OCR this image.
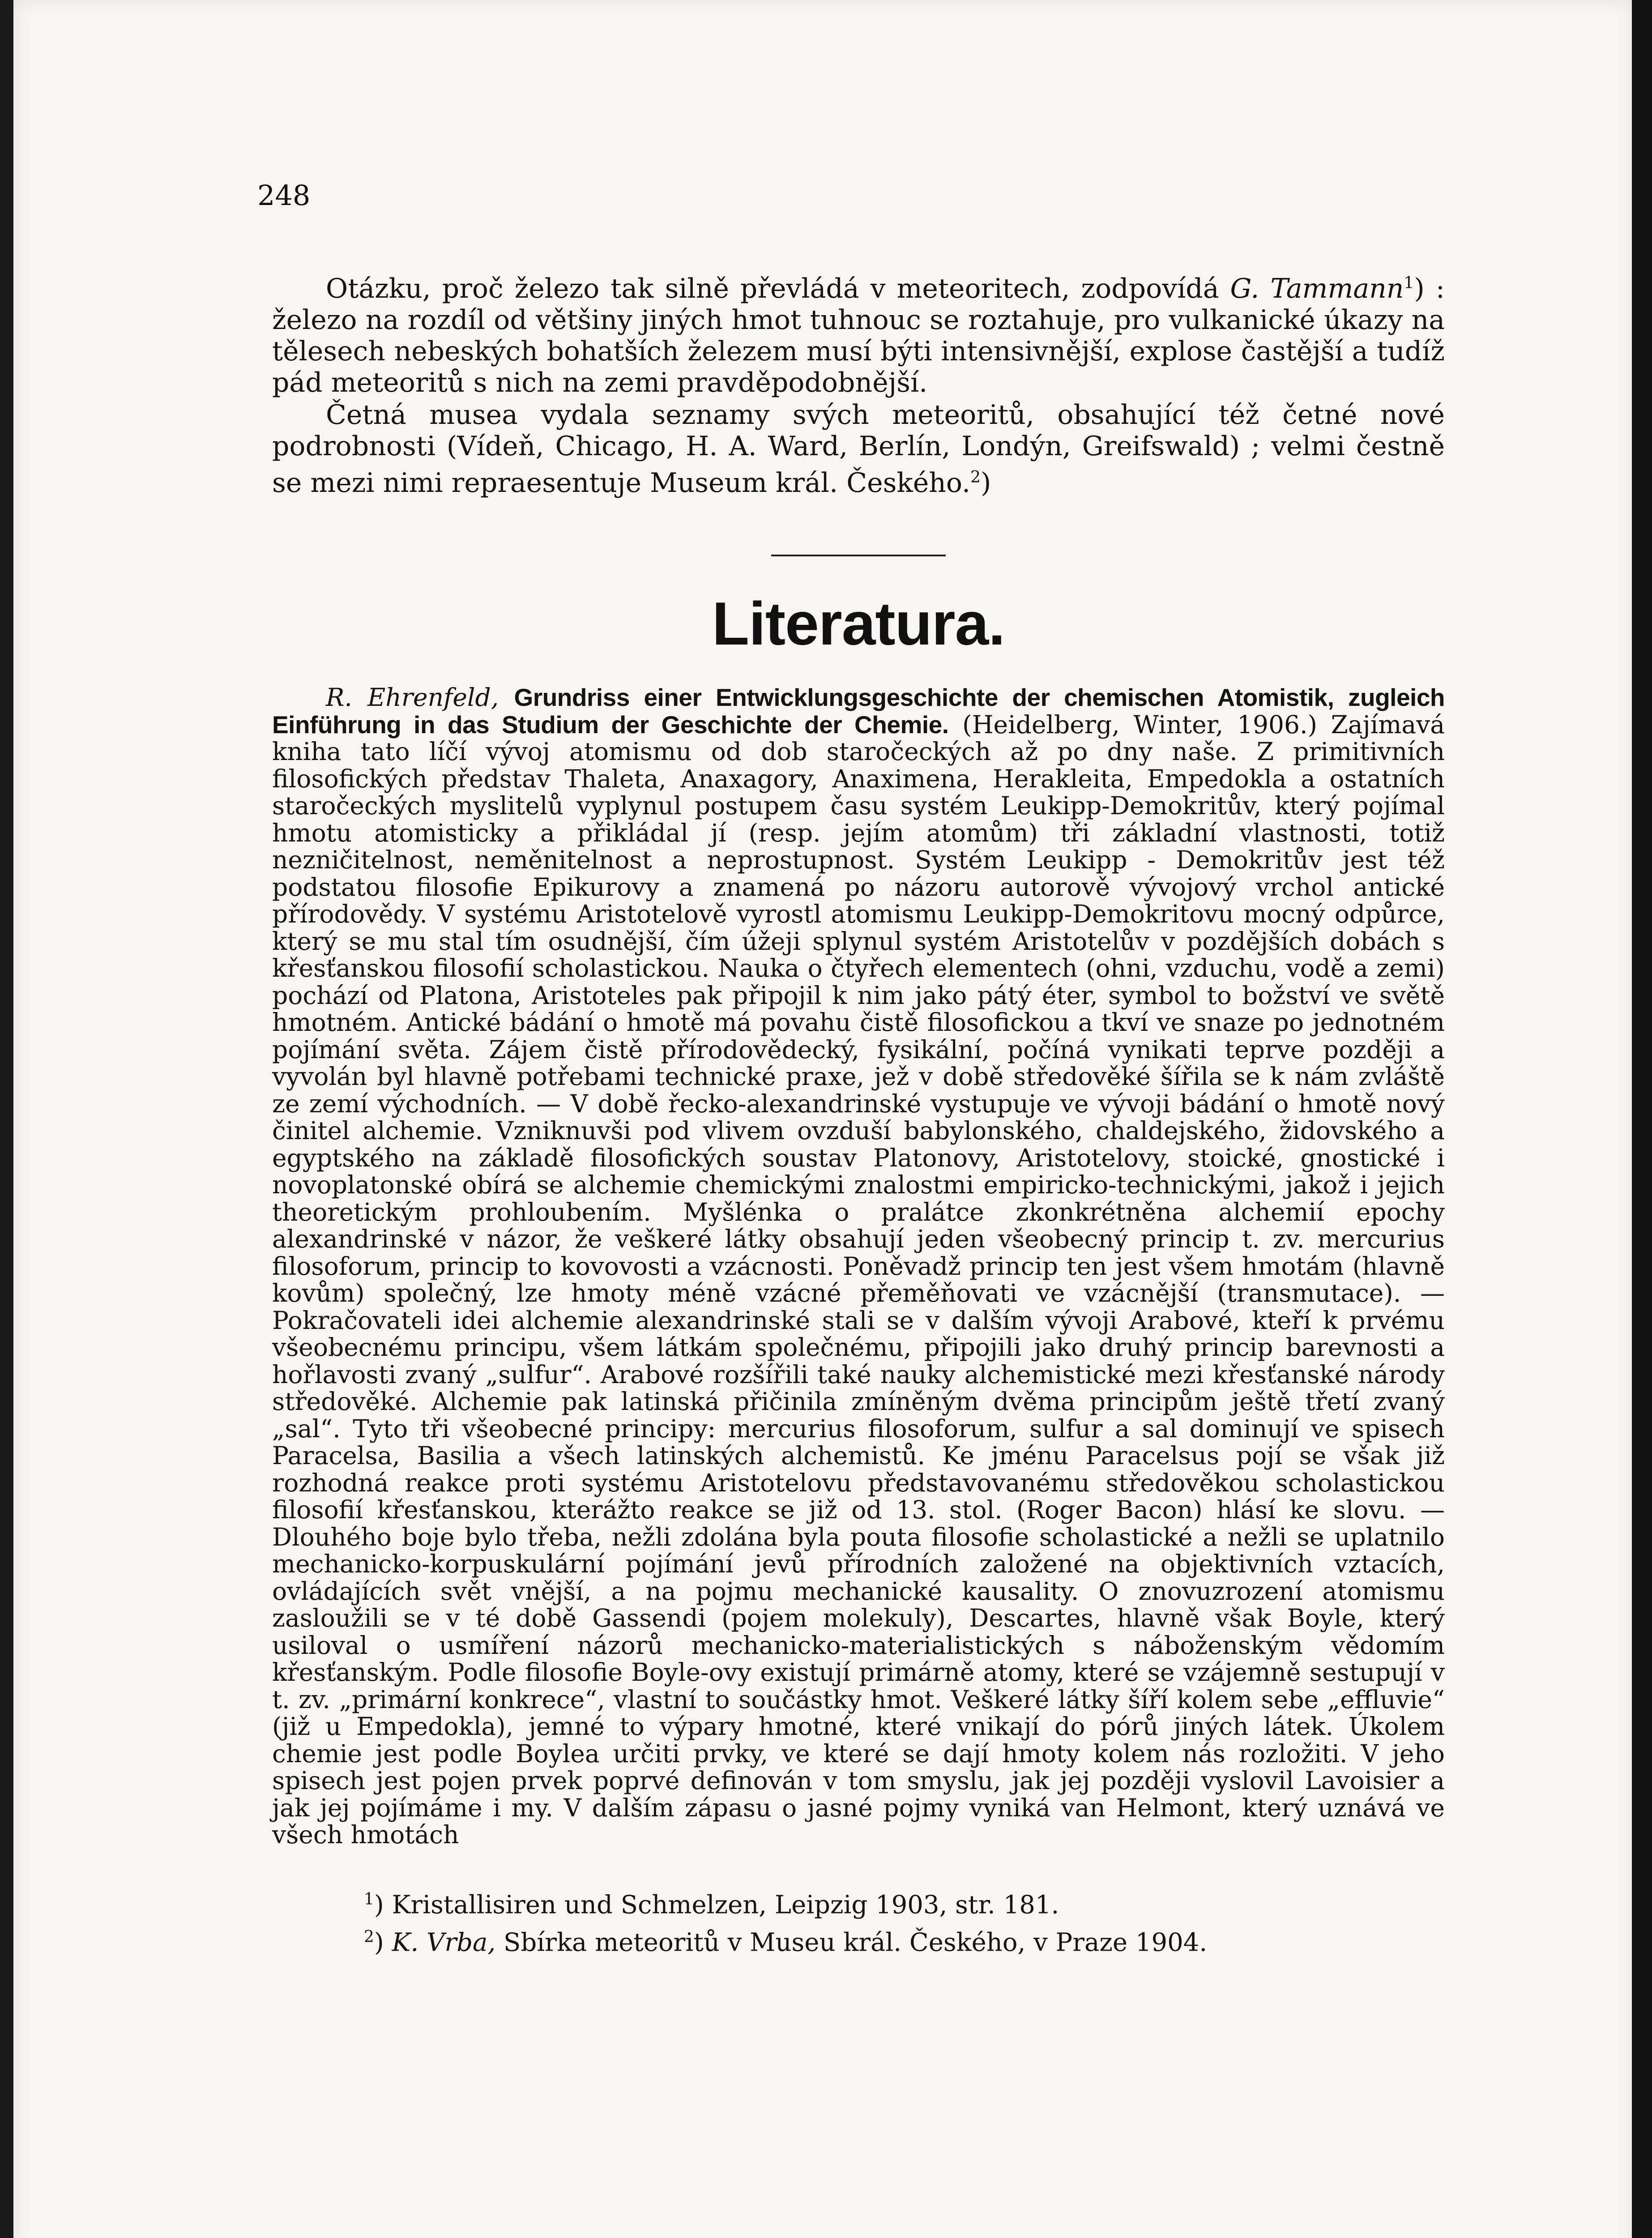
248

Otázku, proč železo tak silně převládá v meteoritech, zodpovídá G. Tammann$^1$) : železo na rozdíl od většiny jiných hmot tuhnouc se roztahuje, pro vulkanické úkazy na tělesech nebeských bohatších železem musí býti intensivnější, explose častější a tudíž pád meteoritů s nich na zemi pravděpodobnější.

Četná musea vydala seznamy svých meteoritů, obsahující též četné nové podrobnosti (Vídeň, Chicago, H. A. Ward, Berlín, Londýn, Greifswald) ; velmi čestně se mezi nimi repraesentuje Museum král. Českého.$^2$)

Literatura.

R. Ehrenfeld, Grundriss einer Entwicklungsgeschichte der chemischen Atomistik, zugleich Einführung in das Studium der Geschichte der Chemie. (Heidelberg, Winter, 1906.) Zajímavá kniha tato líčí vývoj atomismu od dob staročeckých až po dny naše. Z primitivních filosofických představ Thaleta, Anaxagory, Anaximena, Herakleita, Empedokla a ostatních staročeckých myslitelů vyplynul postupem času systém Leukipp-Demokritův, který pojímal hmotu atomisticky a přikládal jí (resp. jejím atomům) tři základní vlastnosti, totiž nezničitelnost, neměnitelnost a neprostupnost. Systém Leukipp - Demokritův jest též podstatou filosofie Epikurovy a znamená po názoru autorově vývojový vrchol antické přírodovědy. V systému Aristotelově vyrostl atomismu Leukipp-Demokritovu mocný odpůrce, který se mu stal tím osudnější, čím úžeji splynul systém Aristotelův v pozdějších dobách s křesťanskou filosofií scholastickou. Nauka o čtyřech elementech (ohni, vzduchu, vodě a zemi) pochází od Platona, Aristoteles pak připojil k nim jako pátý éter, symbol to božství ve světě hmotném. Antické bádání o hmotě má povahu čistě filosofickou a tkví ve snaze po jednotném pojímání světa. Zájem čistě přírodovědecký, fysikální, počíná vynikati teprve později a vyvolán byl hlavně potřebami technické praxe, jež v době středověké šířila se k nám zvláště ze zemí východních. — V době řecko-alexandrinské vystupuje ve vývoji bádání o hmotě nový činitel alchemie. Vzniknuvši pod vlivem ovzduší babylonského, chaldejského, židovského a egyptského na základě filosofických soustav Platonovy, Aristotelovy, stoické, gnostické i novoplatonské obírá se alchemie chemickými znalostmi empiricko-technickými, jakož i jejich theoretickým prohloubením. Myšlénka o pralátce zkonkrétněna alchemií epochy alexandrinské v názor, že veškeré látky obsahují jeden všeobecný princip t. zv. mercurius filosoforum, princip to kovovosti a vzácnosti. Poněvadž princip ten jest všem hmotám (hlavně kovům) společný, lze hmoty méně vzácné přeměňovati ve vzácnější (transmutace). — Pokračovateli idei alchemie alexandrinské stali se v dalším vývoji Arabové, kteří k prvému všeobecnému principu, všem látkám společnému, připojili jako druhý princip barevnosti a hořlavosti zvaný „sulfur“. Arabové rozšířili také nauky alchemistické mezi křesťanské národy středověké. Alchemie pak latinská přičinila zmíněným dvěma principům ještě třetí zvaný „sal“. Tyto tři všeobecné principy: mercurius filosoforum, sulfur a sal dominují ve spisech Paracelsa, Basilia a všech latinských alchemistů. Ke jménu Paracelsus pojí se však již rozhodná reakce proti systému Aristotelovu představovanému středověkou scholastickou filosofií křesťanskou, kterážto reakce se již od 13. stol. (Roger Bacon) hlásí ke slovu. — Dlouhého boje bylo třeba, nežli zdolána byla pouta filosofie scholastické a nežli se uplatnilo mechanicko-korpuskulární pojímání jevů přírodních založené na objektivních vztacích, ovládajících svět vnější, a na pojmu mechanické kausality. O znovuzrození atomismu zasloužili se v té době Gassendi (pojem molekuly), Descartes, hlavně však Boyle, který usiloval o usmíření názorů mechanicko-materialistických s náboženským vědomím křesťanským. Podle filosofie Boyle-ovy existují primárně atomy, které se vzájemně sestupují v t. zv. „primární konkrece“, vlastní to součástky hmot. Veškeré látky šíří kolem sebe „effluvie“ (již u Empedokla), jemné to výpary hmotné, které vnikají do pórů jiných látek. Úkolem chemie jest podle Boylea určiti prvky, ve které se dají hmoty kolem nás rozložiti. V jeho spisech jest pojen prvek poprvé definován v tom smyslu, jak jej později vyslovil Lavoisier a jak jej pojímáme i my. V dalším zápasu o jasné pojmy vyniká van Helmont, který uznává ve všech hmotách

$^1$) Kristallisiren und Schmelzen, Leipzig 1903, str. 181.
$^2$) K. Vrba, Sbírka meteoritů v Museu král. Českého, v Praze 1904.
